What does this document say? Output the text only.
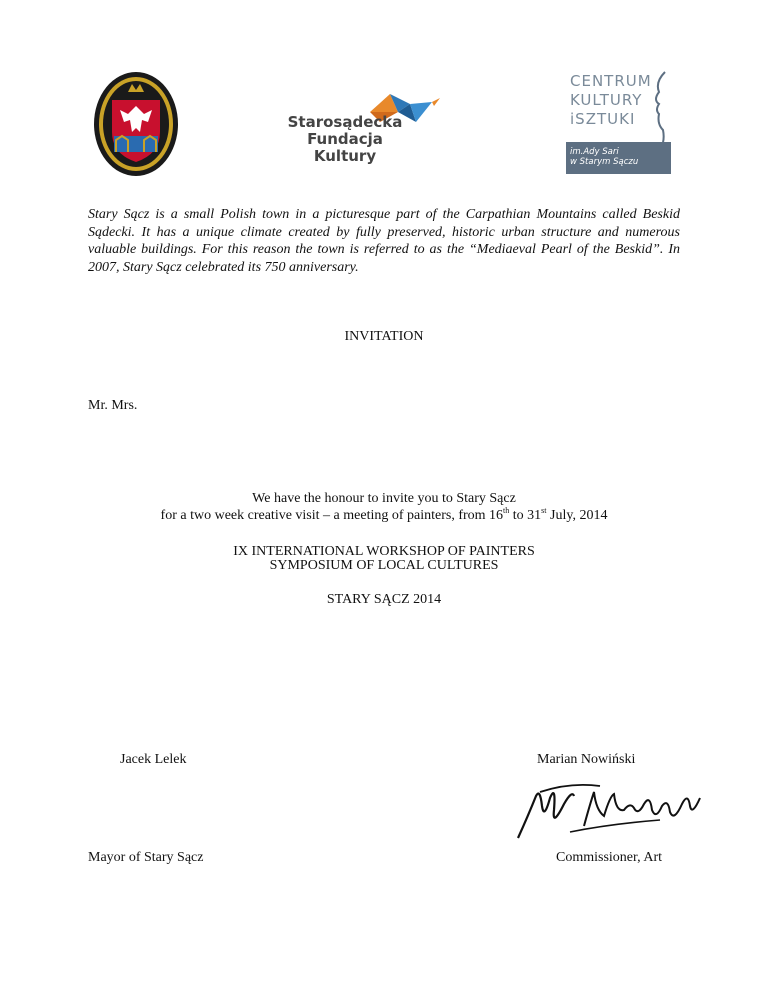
Starosądecka
Fundacja
Kultury
CENTRUM
KULTURY
iSZTUKI
im.Ady Sari
w Starym Sączu

Stary Sącz is a small Polish town in a picturesque part of the Carpathian Mountains called Beskid Sądecki. It has a unique climate created by fully preserved, historic urban structure and numerous valuable buildings. For this reason the town is referred to as the “Mediaeval Pearl of the Beskid”. In 2007, Stary Sącz celebrated its 750 anniversary.

INVITATION
Mr. Mrs.
We have the honour to invite you to Stary Sącz
for a two week creative visit – a meeting of painters, from 16th to 31st July, 2014
IX INTERNATIONAL WORKSHOP OF PAINTERS
SYMPOSIUM OF LOCAL CULTURES
STARY SĄCZ 2014
Jacek Lelek	Marian Nowiński
Mayor of Stary Sącz	Commissioner, Art
